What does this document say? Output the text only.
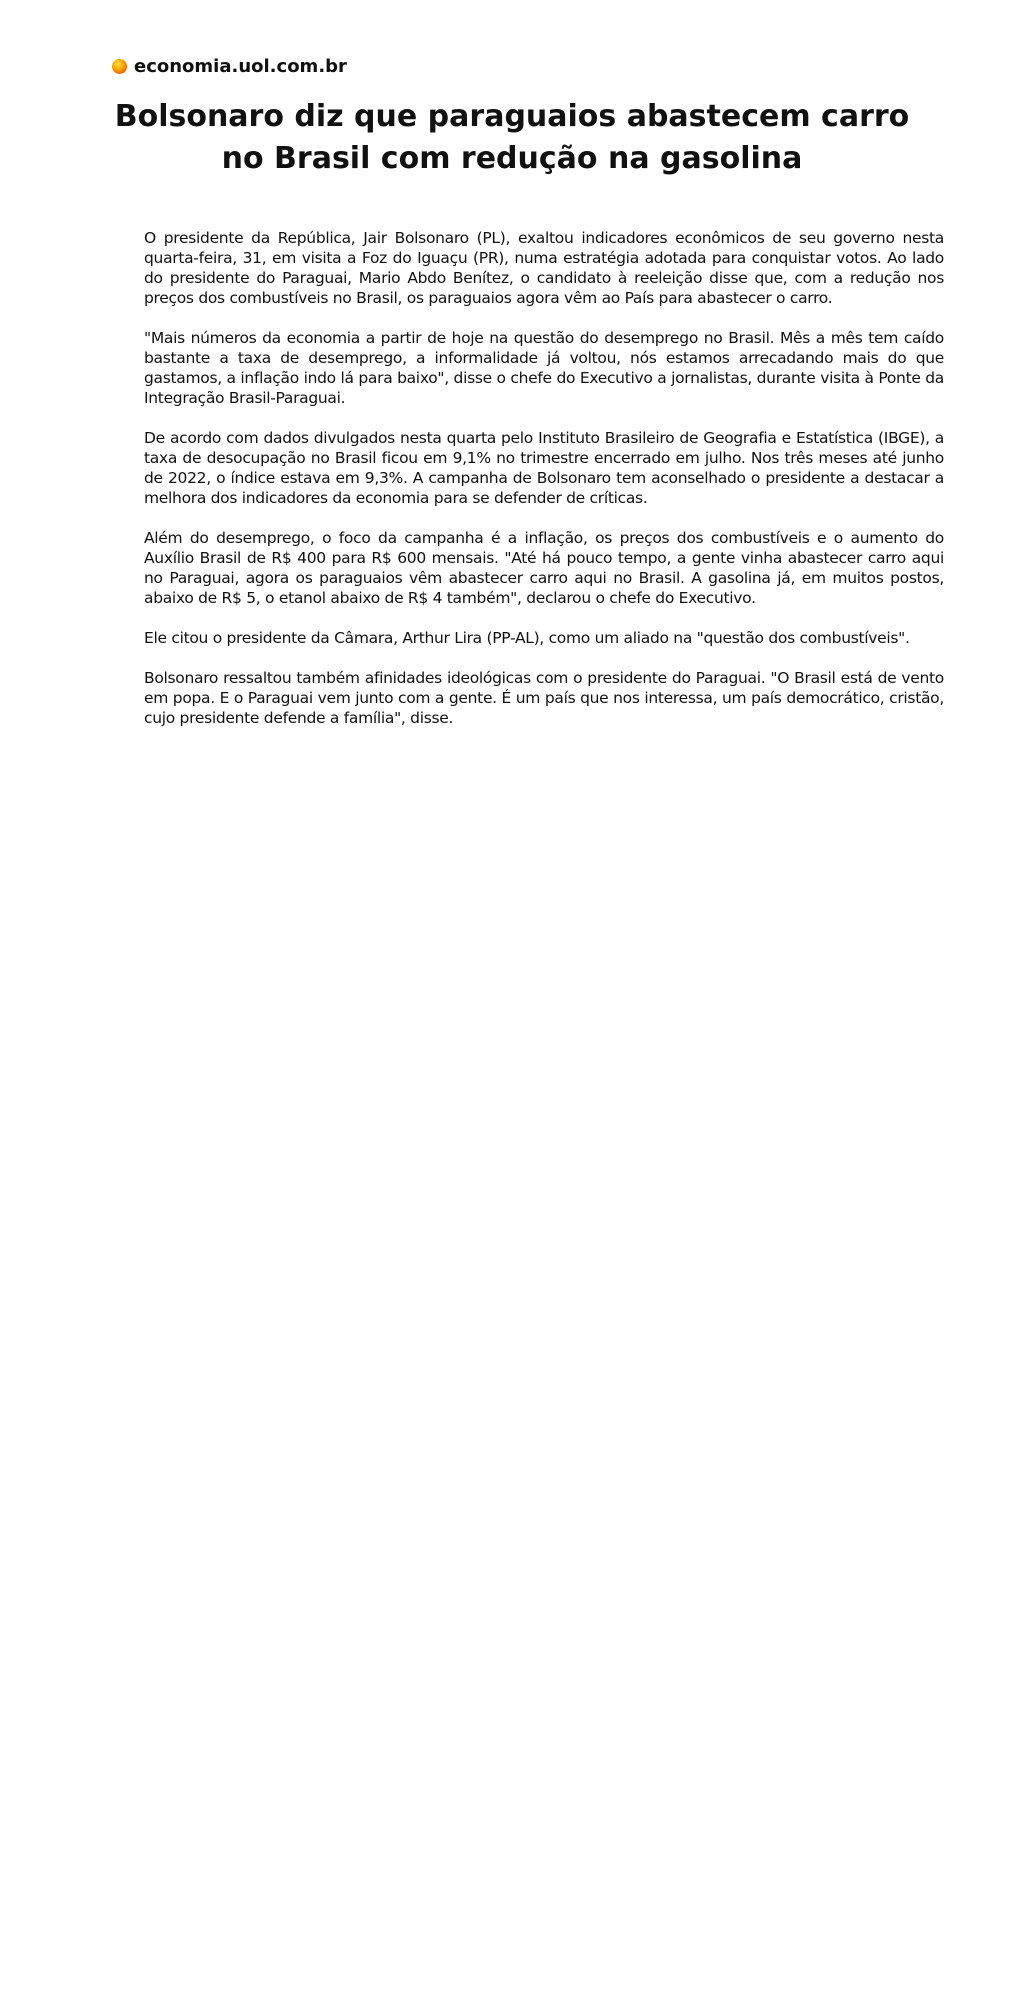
economia.uol.com.br
Bolsonaro diz que paraguaios abastecem carro no Brasil com redução na gasolina

O presidente da República, Jair Bolsonaro (PL), exaltou indicadores econômicos de seu governo nesta quarta-feira, 31, em visita a Foz do Iguaçu (PR), numa estratégia adotada para conquistar votos. Ao lado do presidente do Paraguai, Mario Abdo Benítez, o candidato à reeleição disse que, com a redução nos preços dos combustíveis no Brasil, os paraguaios agora vêm ao País para abastecer o carro.

"Mais números da economia a partir de hoje na questão do desemprego no Brasil. Mês a mês tem caído bastante a taxa de desemprego, a informalidade já voltou, nós estamos arrecadando mais do que gastamos, a inflação indo lá para baixo", disse o chefe do Executivo a jornalistas, durante visita à Ponte da Integração Brasil-Paraguai.

De acordo com dados divulgados nesta quarta pelo Instituto Brasileiro de Geografia e Estatística (IBGE), a taxa de desocupação no Brasil ficou em 9,1% no trimestre encerrado em julho. Nos três meses até junho de 2022, o índice estava em 9,3%. A campanha de Bolsonaro tem aconselhado o presidente a destacar a melhora dos indicadores da economia para se defender de críticas.

Além do desemprego, o foco da campanha é a inflação, os preços dos combustíveis e o aumento do Auxílio Brasil de R$ 400 para R$ 600 mensais. "Até há pouco tempo, a gente vinha abastecer carro aqui no Paraguai, agora os paraguaios vêm abastecer carro aqui no Brasil. A gasolina já, em muitos postos, abaixo de R$ 5, o etanol abaixo de R$ 4 também", declarou o chefe do Executivo.

Ele citou o presidente da Câmara, Arthur Lira (PP-AL), como um aliado na "questão dos combustíveis".

Bolsonaro ressaltou também afinidades ideológicas com o presidente do Paraguai. "O Brasil está de vento em popa. E o Paraguai vem junto com a gente. É um país que nos interessa, um país democrático, cristão, cujo presidente defende a família", disse.
